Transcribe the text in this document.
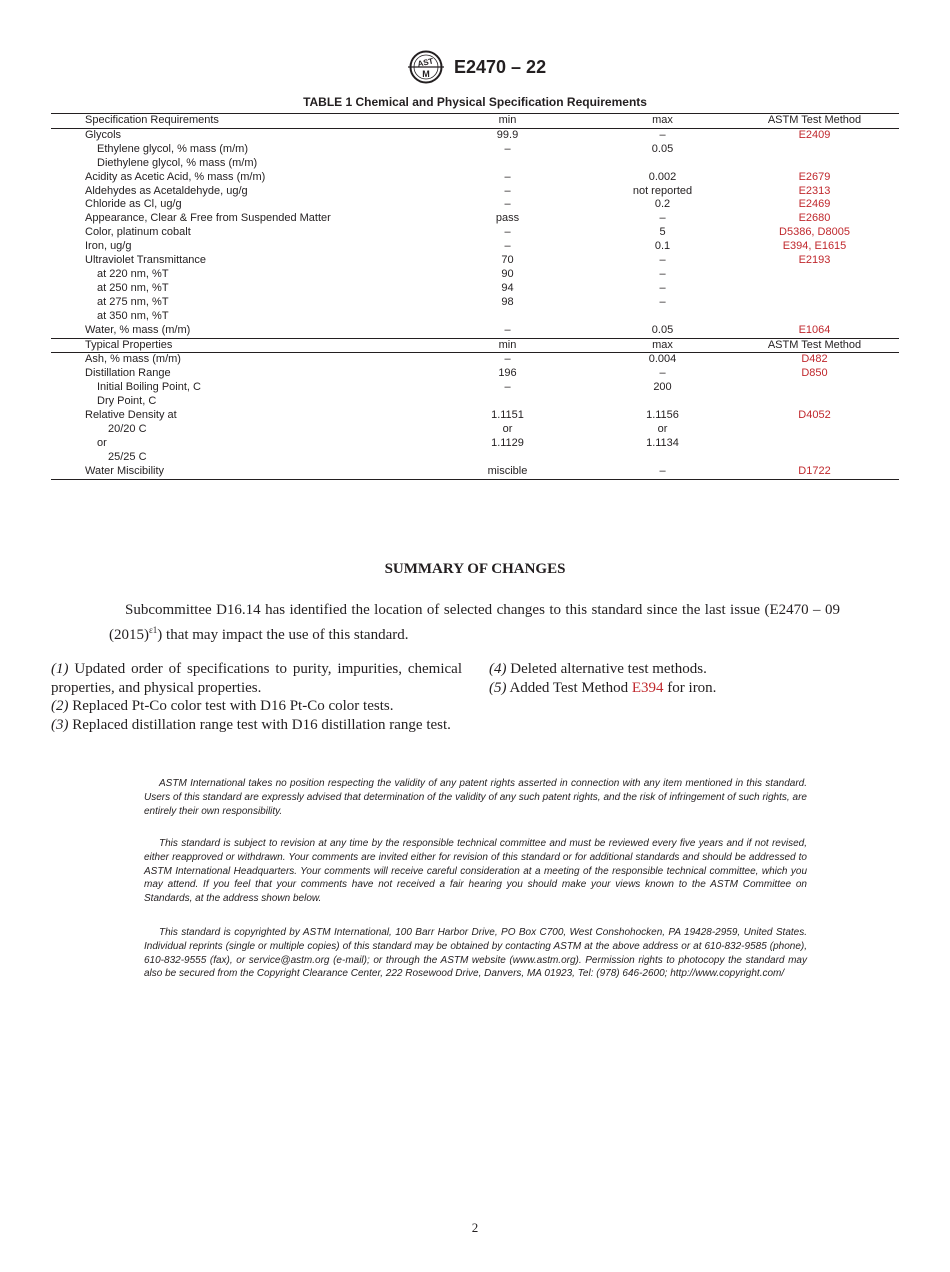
AST
M E2470 – 22
TABLE 1 Chemical and Physical Specification Requirements
Specification Requirements	min	max	ASTM Test Method
Glycols	99.9	–	E2409
Ethylene glycol, % mass (m/m)	–	0.05	
Diethylene glycol, % mass (m/m)			
Acidity as Acetic Acid, % mass (m/m)	–	0.002	E2679
Aldehydes as Acetaldehyde, ug/g	–	not reported	E2313
Chloride as Cl, ug/g	–	0.2	E2469
Appearance, Clear & Free from Suspended Matter	pass	–	E2680
Color, platinum cobalt	–	5	D5386, D8005
Iron, ug/g	–	0.1	E394, E1615
Ultraviolet Transmittance	70	–	E2193
at 220 nm, %T	90	–	
at 250 nm, %T	94	–	
at 275 nm, %T	98	–	
at 350 nm, %T			
Water, % mass (m/m)	–	0.05	E1064
Typical Properties	min	max	ASTM Test Method
Ash, % mass (m/m)	–	0.004	D482
Distillation Range	196	–	D850
Initial Boiling Point, C	–	200	
Dry Point, C			
Relative Density at	1.1151	1.1156	D4052
20/20 C	or	or	
or	1.1129	1.1134	
25/25 C			
Water Miscibility	miscible	–	D1722
SUMMARY OF CHANGES
Subcommittee D16.14 has identified the location of selected changes to this standard since the last issue (E2470 – 09 $(2015)^{\varepsilon 1}$) that may impact the use of this standard.

(1) Updated order of specifications to purity, impurities, chemical properties, and physical properties.

(2) Replaced Pt-Co color test with D16 Pt-Co color tests.

(3) Replaced distillation range test with D16 distillation range test.

(4) Deleted alternative test methods.

(5) Added Test Method E394 for iron.

ASTM International takes no position respecting the validity of any patent rights asserted in connection with any item mentioned in this standard. Users of this standard are expressly advised that determination of the validity of any such patent rights, and the risk of infringement of such rights, are entirely their own responsibility.

This standard is subject to revision at any time by the responsible technical committee and must be reviewed every five years and if not revised, either reapproved or withdrawn. Your comments are invited either for revision of this standard or for additional standards and should be addressed to ASTM International Headquarters. Your comments will receive careful consideration at a meeting of the responsible technical committee, which you may attend. If you feel that your comments have not received a fair hearing you should make your views known to the ASTM Committee on Standards, at the address shown below.

This standard is copyrighted by ASTM International, 100 Barr Harbor Drive, PO Box C700, West Conshohocken, PA 19428-2959, United States. Individual reprints (single or multiple copies) of this standard may be obtained by contacting ASTM at the above address or at 610-832-9585 (phone), 610-832-9555 (fax), or service@astm.org (e-mail); or through the ASTM website (www.astm.org). Permission rights to photocopy the standard may also be secured from the Copyright Clearance Center, 222 Rosewood Drive, Danvers, MA 01923, Tel: (978) 646-2600; http://www.copyright.com/

2
